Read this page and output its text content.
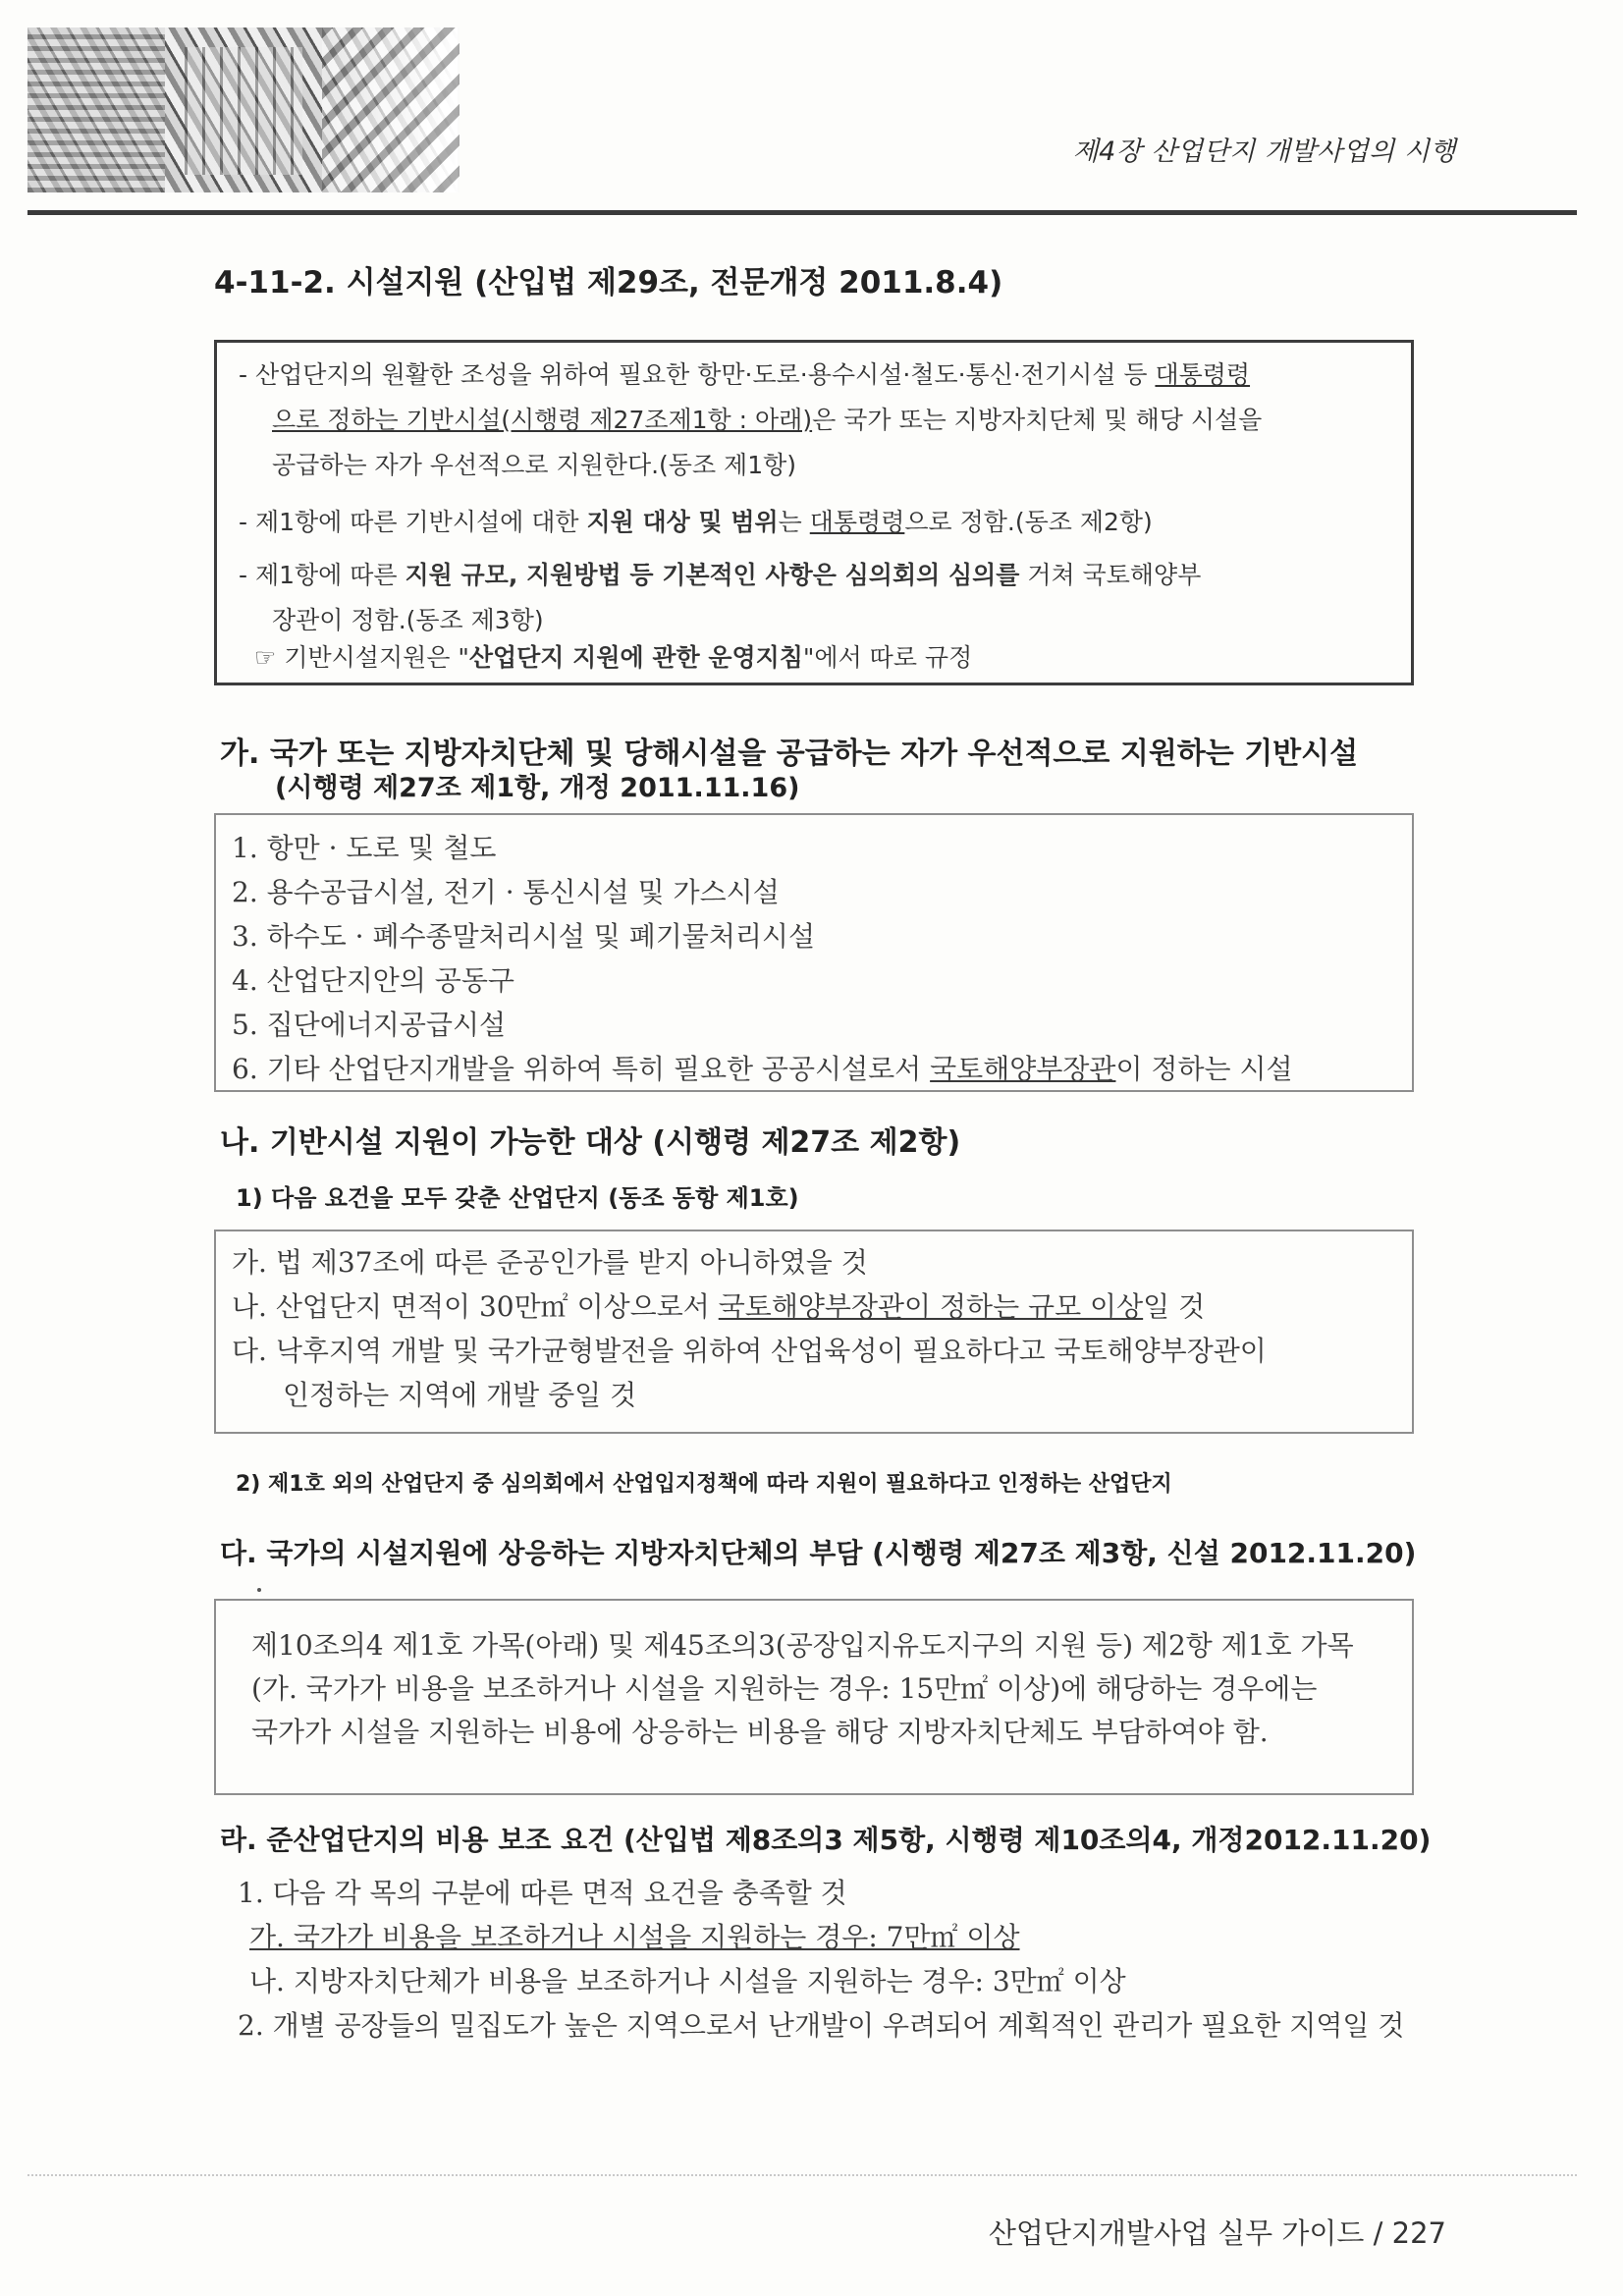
제4장 산업단지 개발사업의 시행
4-11-2. 시설지원 (산입법 제29조, 전문개정 2011.8.4)
- 산업단지의 원활한 조성을 위하여 필요한 항만·도로·용수시설·철도·통신·전기시설 등 대통령령
으로 정하는 기반시설(시행령 제27조제1항 : 아래)은 국가 또는 지방자치단체 및 해당 시설을
공급하는 자가 우선적으로 지원한다.(동조 제1항)
- 제1항에 따른 기반시설에 대한 지원 대상 및 범위는 대통령령으로 정함.(동조 제2항)
- 제1항에 따른 지원 규모, 지원방법 등 기본적인 사항은 심의회의 심의를 거쳐 국토해양부
장관이 정함.(동조 제3항)
☞ 기반시설지원은 "산업단지 지원에 관한 운영지침"에서 따로 규정
가. 국가 또는 지방자치단체 및 당해시설을 공급하는 자가 우선적으로 지원하는 기반시설
(시행령 제27조 제1항, 개정 2011.11.16)
1. 항만 · 도로 및 철도
2. 용수공급시설, 전기 · 통신시설 및 가스시설
3. 하수도 · 폐수종말처리시설 및 폐기물처리시설
4. 산업단지안의 공동구
5. 집단에너지공급시설
6. 기타 산업단지개발을 위하여 특히 필요한 공공시설로서 국토해양부장관이 정하는 시설
나. 기반시설 지원이 가능한 대상 (시행령 제27조 제2항)
1) 다음 요건을 모두 갖춘 산업단지 (동조 동항 제1호)
가. 법 제37조에 따른 준공인가를 받지 아니하였을 것
나. 산업단지 면적이 30만㎡ 이상으로서 국토해양부장관이 정하는 규모 이상일 것
다. 낙후지역 개발 및 국가균형발전을 위하여 산업육성이 필요하다고 국토해양부장관이
인정하는 지역에 개발 중일 것
2) 제1호 외의 산업단지 중 심의회에서 산업입지정책에 따라 지원이 필요하다고 인정하는 산업단지
다. 국가의 시설지원에 상응하는 지방자치단체의 부담 (시행령 제27조 제3항, 신설 2012.11.20)
제10조의4 제1호 가목(아래) 및 제45조의3(공장입지유도지구의 지원 등) 제2항 제1호 가목
(가. 국가가 비용을 보조하거나 시설을 지원하는 경우: 15만㎡ 이상)에 해당하는 경우에는
국가가 시설을 지원하는 비용에 상응하는 비용을 해당 지방자치단체도 부담하여야 함.
라. 준산업단지의 비용 보조 요건 (산입법 제8조의3 제5항, 시행령 제10조의4, 개정2012.11.20)
1. 다음 각 목의 구분에 따른 면적 요건을 충족할 것
가. 국가가 비용을 보조하거나 시설을 지원하는 경우: 7만㎡ 이상
나. 지방자치단체가 비용을 보조하거나 시설을 지원하는 경우: 3만㎡ 이상
2. 개별 공장들의 밀집도가 높은 지역으로서 난개발이 우려되어 계획적인 관리가 필요한 지역일 것
산업단지개발사업 실무 가이드 / 227
